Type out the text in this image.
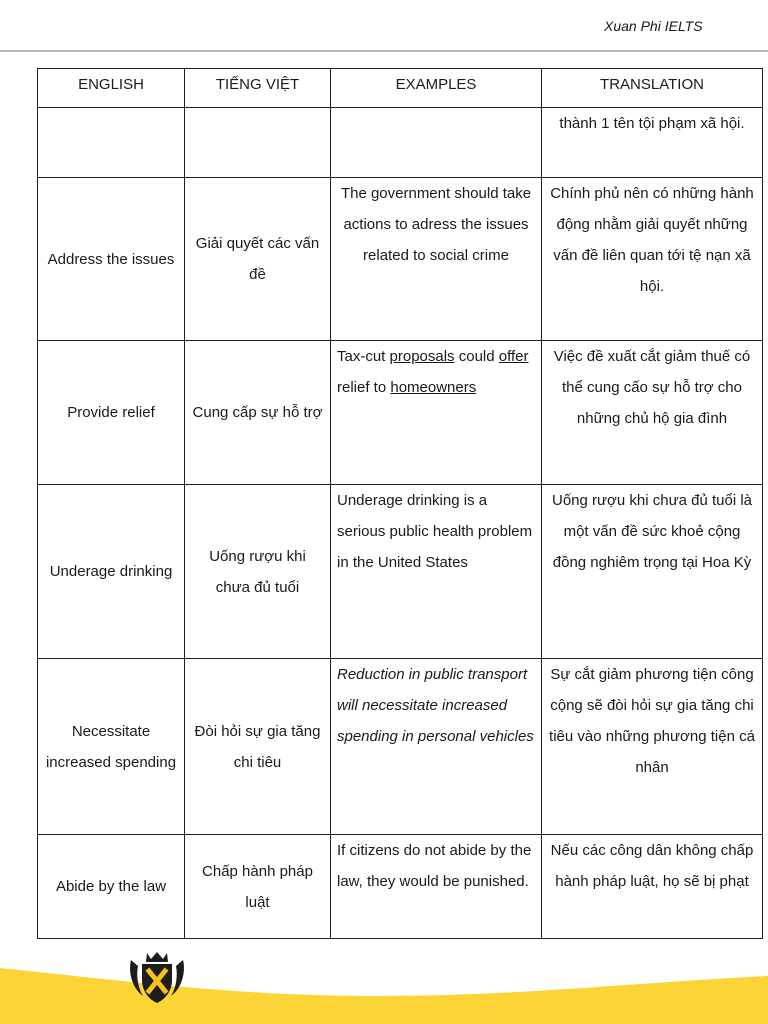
Xuan Phi IELTS
ENGLISH	TIẾNG VIỆT	EXAMPLES	TRANSLATION
			thành 1 tên tội phạm xã hội.
Address the issues	Giải quyết các vấn đề	The government should take actions to adress the issues related to social crime	Chính phủ nên có những hành động nhằm giải quyết những vấn đề liên quan tới tệ nạn xã hội.
Provide relief	Cung cấp sự hỗ trợ	Tax-cut proposals could offer relief to homeowners	Việc đề xuất cắt giảm thuế có thể cung cấo sự hỗ trợ cho những chủ hộ gia đình
Underage drinking	Uống rượu khi chưa đủ tuổi	Underage drinking is a serious public health problem in the United States	Uống rượu khi chưa đủ tuổi là một vấn đề sức khoẻ cộng đồng nghiêm trọng tại Hoa Kỳ
Necessitate increased spending	Đòi hỏi sự gia tăng chi tiêu	Reduction in public transport will necessitate increased spending in personal vehicles	Sự cắt giảm phương tiện công cộng sẽ đòi hỏi sự gia tăng chi tiêu vào những phương tiện cá nhân
Abide by the law	Chấp hành pháp luật	If citizens do not abide by the law, they would be punished.	Nếu các công dân không chấp hành pháp luật, họ sẽ bị phạt
